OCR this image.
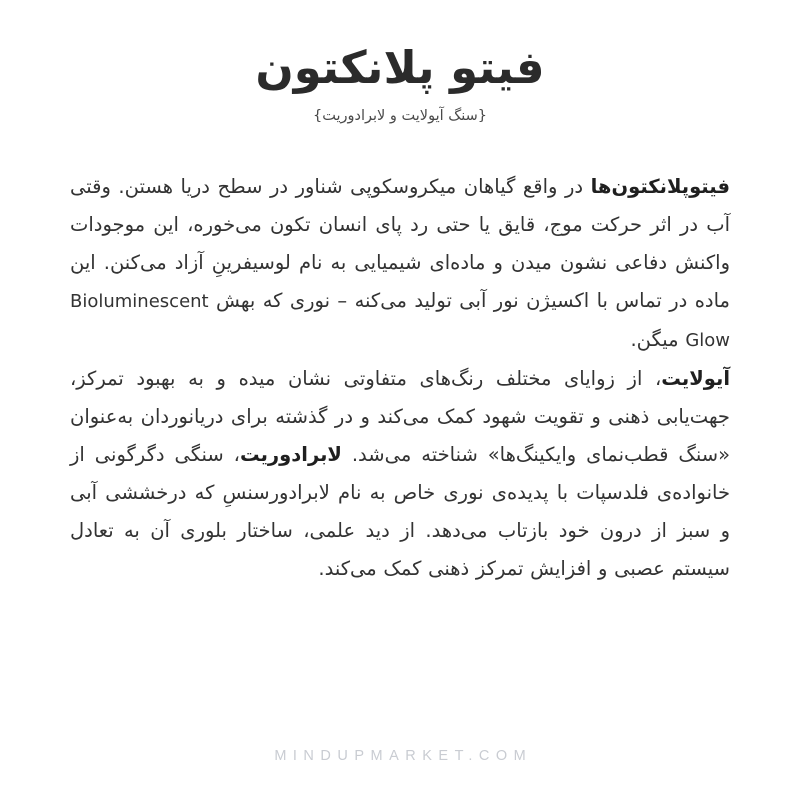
فیتو پلانکتون
{سنگ آیولایت و لابرادوریت}

فیتوپلانکتون‌ها در واقع گیاهان میکروسکوپی شناور در سطح دریا هستن. وقتی آب در اثر حرکت موج، قایق یا حتی رد پای انسان تکون می‌خوره، این موجودات واکنش دفاعی نشون میدن و ماده‌ای شیمیایی به نام لوسیفرینِ آزاد می‌کنن. این ماده در تماس با اکسیژن نور آبی تولید می‌کنه – نوری که بهش Bioluminescent Glow میگن.

آیولایت، از زوایای مختلف رنگ‌های متفاوتی نشان میده و به بهبود تمرکز، جهت‌یابی ذهنی و تقویت شهود کمک می‌کند و در گذشته برای دریانوردان به‌عنوان «سنگ قطب‌نمای وایکینگ‌ها» شناخته می‌شد. لابرادوریت، سنگی دگرگونی از خانواده‌ی فلدسپات با پدیده‌ی نوری خاص به نام لابرادورسنسِ که درخششی آبی و سبز از درون خود بازتاب می‌دهد. از دید علمی، ساختار بلوری آن به تعادل سیستم عصبی و افزایش تمرکز ذهنی کمک می‌کند.

MINDUPMARKET.COM
